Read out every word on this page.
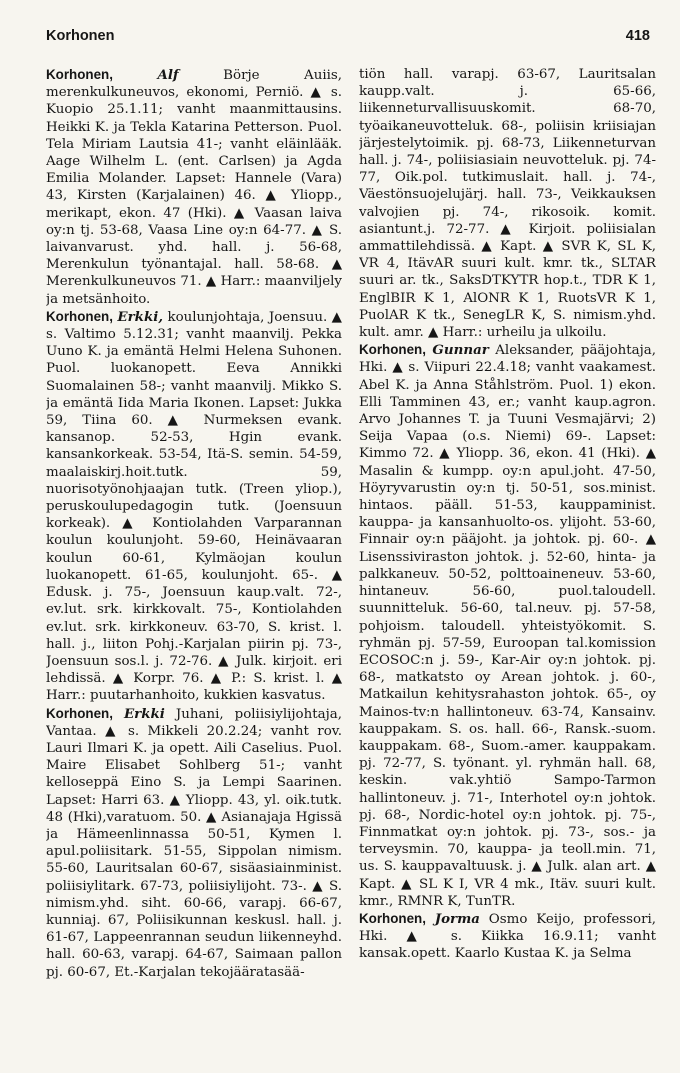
Korhonen	418

Korhonen,	Alf	Börje Auiis, merenkulkuneuvos, ekonomi, Perniö. ▲ s. Kuopio 25.1.11; vanht maanmittausins. Heikki K. ja Tekla Katarina Petterson. Puol. Tela Miriam Lautsia 41-; vanht eläinlääk. Aage Wilhelm L. (ent. Carlsen) ja Agda Emilia Molander. Lapset: Hannele (Vara) 43, Kirsten (Karjalainen) 46. ▲ Yliopp., merikapt, ekon. 47 (Hki). ▲ Vaasan laiva oy:n tj. 53-68, Vaasa Line oy:n 64-77. ▲ S. laivanvarust. yhd. hall. j. 56-68, Merenkulun työnantajal. hall. 58-68. ▲ Merenkulkuneuvos 71. ▲ Harr.: maanviljely ja metsänhoito.

Korhonen, Erkki, koulunjohtaja, Joensuu. ▲ s. Valtimo 5.12.31; vanht maanvilj. Pekka Uuno K. ja emäntä Helmi Helena Suhonen. Puol. luokanopett. Eeva Annikki Suomalainen 58-; vanht maanvilj. Mikko S. ja emäntä Iida Maria Ikonen. Lapset: Jukka 59, Tiina 60. ▲ Nurmeksen evank. kansanop. 52-53, Hgin evank. kansankorkeak. 53-54, Itä-S. semin. 54-59, maalaiskirj.hoit.tutk. 59, nuorisotyönohjaajan tutk. (Treen yliop.), peruskoulupedagogin tutk. (Joensuun korkeak). ▲ Kontiolahden Varparannan koulun koulunjoht. 59-60, Heinävaaran koulun 60-61, Kylmäojan koulun luokanopett. 61-65, koulunjoht. 65-. ▲ Edusk. j. 75-, Joensuun kaup.valt. 72-, ev.lut. srk. kirkkovalt. 75-, Kontiolahden ev.lut. srk. kirkkoneuv. 63-70, S. krist. l. hall. j., liiton Pohj.-Karjalan piirin pj. 73-, Joensuun sos.l. j. 72-76. ▲ Julk. kirjoit. eri lehdissä. ▲ Korpr. 76. ▲ P.: S. krist. l. ▲ Harr.: puutarhanhoito, kukkien kasvatus.

Korhonen, Erkki Juhani, poliisiylijohtaja, Vantaa. ▲ s. Mikkeli 20.2.24; vanht rov. Lauri Ilmari K. ja opett. Aili Caselius. Puol. Maire Elisabet Sohlberg 51-; vanht kelloseppä Eino S. ja Lempi Saarinen. Lapset: Harri 63. ▲ Yliopp. 43, yl. oik.tutk. 48 (Hki),varatuom. 50. ▲ Asianajaja Hgissä ja Hämeenlinnassa 50-51, Kymen l. apul.poliisitark. 51-55, Sippolan nimism. 55-60, Lauritsalan 60-67, sisäasiainminist. poliisiylitark. 67-73, poliisiylijoht. 73-. ▲ S. nimism.yhd. siht. 60-66, varapj. 66-67, kunniaj. 67, Poliisikunnan keskusl. hall. j. 61-67, Lappeenrannan seudun liikenneyhd. hall. 60-63, varapj. 64-67, Saimaan pallon pj. 60-67, Et.-Karjalan tekojääratasää-

tiön hall. varapj. 63-67, Lauritsalan kaupp.valt. j. 65-66, liikenneturvallisuuskomit. 68-70, työaikaneuvotteluk. 68-, poliisin kriisiajan järjestelytoimik. pj. 68-73, Liikenneturvan hall. j. 74-, poliisiasiain neuvotteluk. pj. 74-77, Oik.pol. tutkimuslait. hall. j. 74-, Väestönsuojelujärj. hall. 73-, Veikkauksen valvojien pj. 74-, rikosoik. komit. asiantunt.j. 72-77. ▲ Kirjoit. poliisialan ammattilehdissä. ▲ Kapt. ▲ SVR K, SL K, VR 4, ItävAR suuri kult. kmr. tk., SLTAR suuri ar. tk., SaksDTKYTR hop.t., TDR K 1, EnglBIR K 1, AlONR K 1, RuotsVR K 1, PuolAR K tk., SenegLR K, S. nimism.yhd. kult. amr. ▲ Harr.: urheilu ja ulkoilu.

Korhonen, Gunnar Aleksander, pääjohtaja, Hki. ▲ s. Viipuri 22.4.18; vanht vaakamest. Abel K. ja Anna Ståhlström. Puol. 1) ekon. Elli Tamminen 43, er.; vanht kaup.agron. Arvo Johannes T. ja Tuuni Vesmajärvi; 2) Seija Vapaa (o.s. Niemi) 69-. Lapset: Kimmo 72. ▲ Yliopp. 36, ekon. 41 (Hki). ▲ Masalin & kumpp. oy:n apul.joht. 47-50, Höyryvarustin oy:n tj. 50-51, sos.minist. hintaos. pääll. 51-53, kauppaminist. kauppa- ja kansanhuolto-os. ylijoht. 53-60, Finnair oy:n pääjoht. ja johtok. pj. 60-. ▲ Lisenssiviraston johtok. j. 52-60, hinta- ja palkkaneuv. 50-52, polttoaineneuv. 53-60, hintaneuv. 56-60, puol.taloudell. suunnitteluk. 56-60, tal.neuv. pj. 57-58, pohjoism. taloudell. yhteistyökomit. S. ryhmän pj. 57-59, Euroopan tal.komission ECOSOC:n j. 59-, Kar-Air oy:n johtok. pj. 68-, matkatsto oy Arean johtok. j. 60-, Matkailun kehitysrahaston johtok. 65-, oy Mainos-tv:n hallintoneuv. 63-74, Kansainv. kauppakam. S. os. hall. 66-, Ransk.-suom. kauppakam. 68-, Suom.-amer. kauppakam. pj. 72-77, S. työnant. yl. ryhmän hall. 68, keskin. vak.yhtiö Sampo-Tarmon hallintoneuv. j. 71-, Interhotel oy:n johtok. pj. 68-, Nordic-hotel oy:n johtok. pj. 75-, Finnmatkat oy:n johtok. pj. 73-, sos.- ja terveysmin. 70, kauppa- ja teoll.min. 71, us. S. kauppavaltuusk. j. ▲ Julk. alan art. ▲ Kapt. ▲ SL K I, VR 4 mk., Itäv. suuri kult. kmr., RMNR K, TunTR.

Korhonen, Jorma Osmo Keijo, professori, Hki. ▲ s. Kiikka 16.9.11; vanht kansak.opett. Kaarlo Kustaa K. ja Selma
